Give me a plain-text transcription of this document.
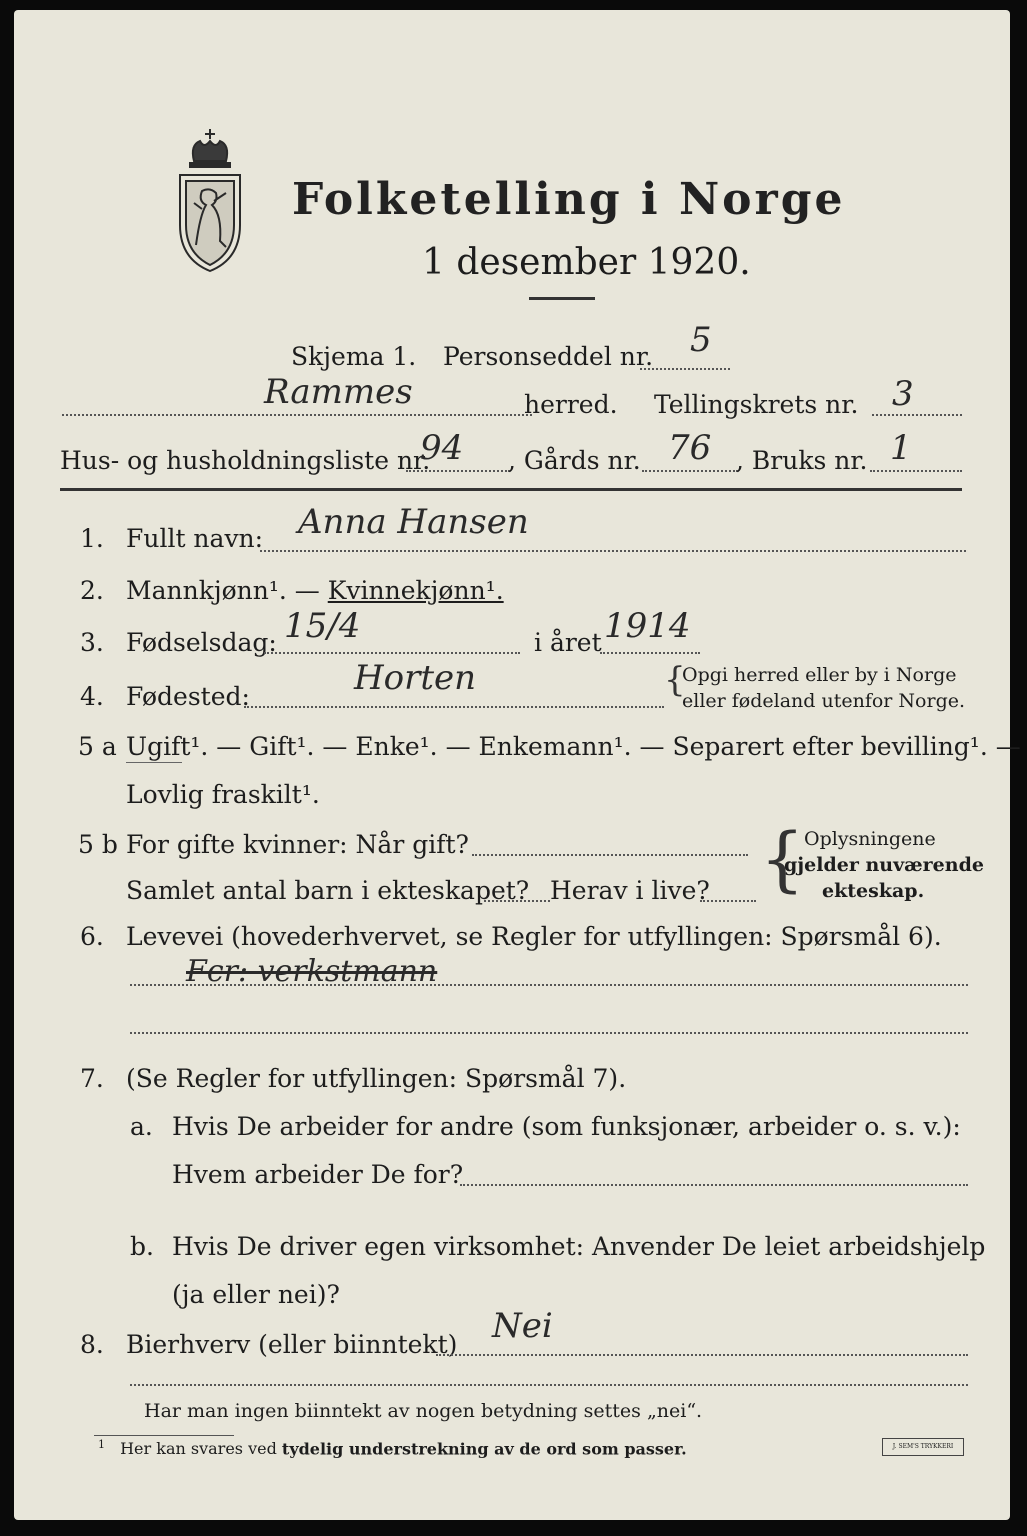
Folketelling i Norge
1 desember 1920.
Skjema 1. Personseddel nr. 5
Rammes	herred. Tellingskrets nr. 3
Hus- og husholdningsliste nr.
94 , Gårds nr. 76 , Bruks nr. 1
1. Fullt navn: Anna Hansen
2. Mannkjønn¹. — Kvinnekjønn¹.
3. Fødselsdag: 15/4	i året 1914
4. Fødested:	Horten	{
Opgi herred eller by i Norge
eller fødeland utenfor Norge.
5 a Ugift¹. — Gift¹. — Enke¹. — Enkemann¹. — Separert efter bevilling¹. —
Lovlig fraskilt¹.
5 b For gifte kvinner: Når gift?
Samlet antal barn i ekteskapet? Herav i live? { Oplysningene
gjelder nuværende
ekteskap.
6. Levevei (hovederhvervet, se Regler for utfyllingen: Spørsmål 6).
Fcr: verkstmann
7. (Se Regler for utfyllingen: Spørsmål 7).
a. Hvis De arbeider for andre (som funksjonær, arbeider o. s. v.):
Hvem arbeider De for?
b. Hvis De driver egen virksomhet: Anvender De leiet arbeidshjelp
(ja eller nei)?
8. Bierhverv (eller biinntekt) Nei
Har man ingen biinntekt av nogen betydning settes „nei“.
$^1$ Her kan svares ved tydelig understrekning av de ord som passer.	J. SEM'S TRYKKERI
